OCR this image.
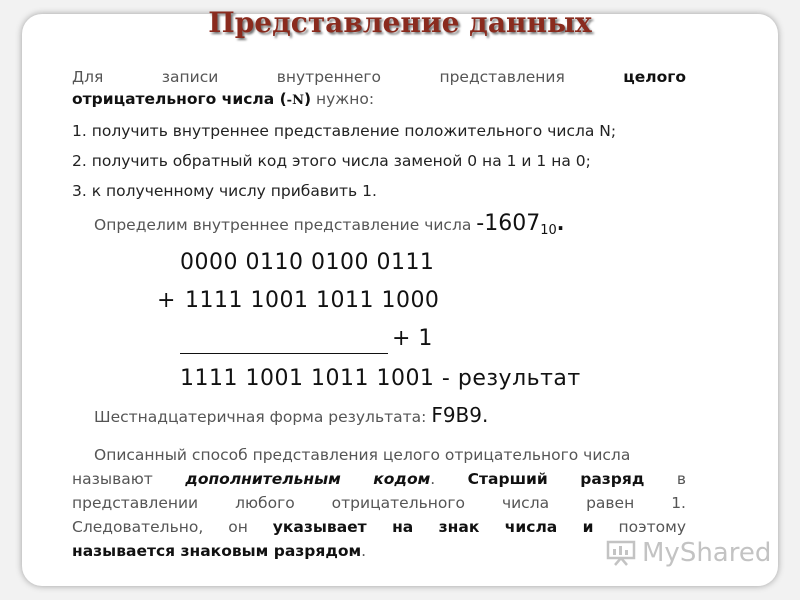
Представление данных
Для	записи	внутреннего	представления	целого
отрицательного числа (-N) нужно:
1. получить внутреннее представление положительного числа N;
2. получить обратный код этого числа заменой 0 на 1 и 1 на 0;
3. к полученному числу прибавить 1.
Определим внутреннее представление числа $-1607_{10}$.
0000 0110 0100 0111
+ 1111 1001 1011 1000
+ 1
1111 1001 1011 1001 - результат
Шестнадцатеричная форма результата: F9B9.
Описанный способ представления целого отрицательного числа
называют дополнительным кодом. Старший разряд в
представлении любого отрицательного числа равен 1.
Следовательно, он указывает на знак числа и поэтому
называется знаковым разрядом.	MyShared
